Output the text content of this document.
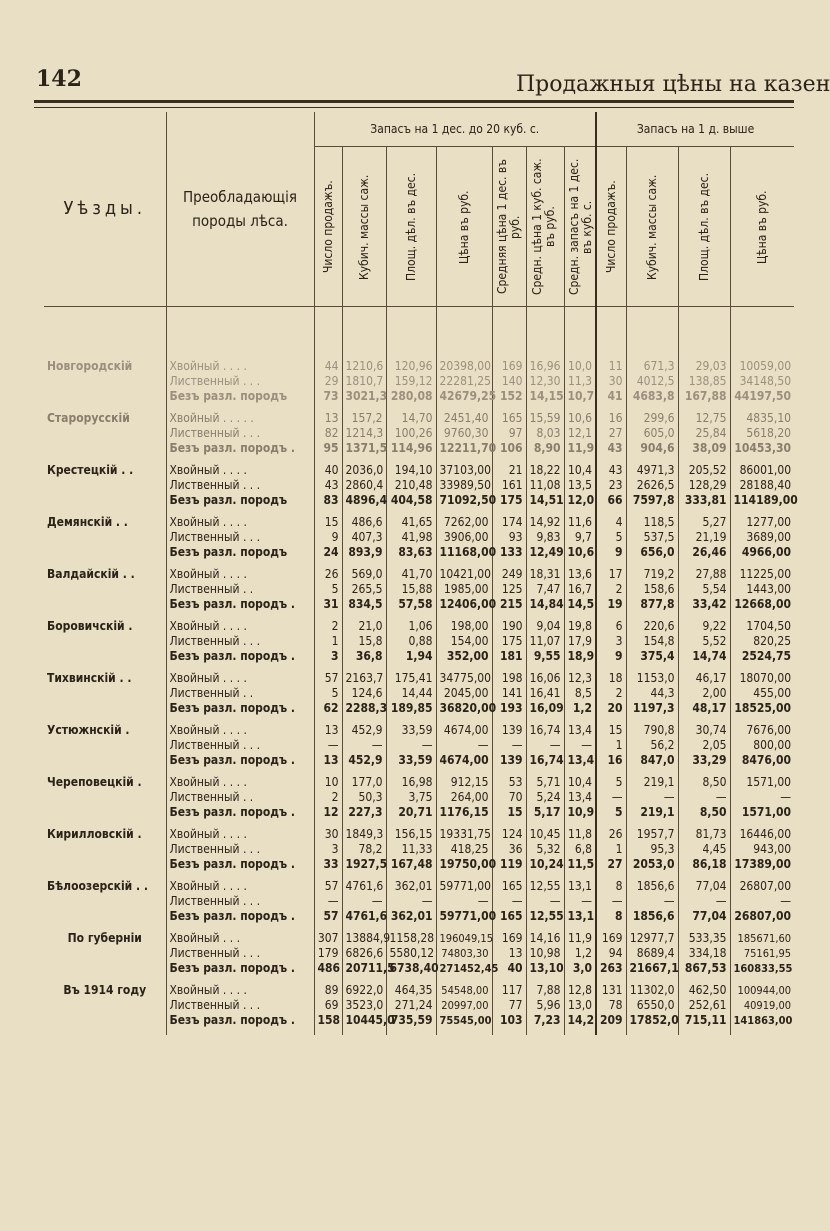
142	Продажныя цѣны на казен
Уѣзды.	Преобладающія породы лѣса.	Запасъ на 1 дес. до 20 куб. с.							Запасъ на 1 д. выше			

		Число продажъ.	Кубич. массы саж.	Площ. дѣл. въ дес.	Цѣна въ руб.	Средняя цѣна 1 дес. въ руб.	Средн. цѣна 1 куб. саж. въ руб.	Средн. запасъ на 1 дес. въ куб. с.	Число продажъ.	Кубич. массы саж.	Площ. дѣл. въ дес.	Цѣна въ руб.

Новгородскій	Хвойный . . . .	44	1210,6	120,96	20398,00	169	16,96	10,0	11	671,3	29,03	10059,00
	Лиственный . . .	29	1810,7	159,12	22281,25	140	12,30	11,3	30	4012,5	138,85	34148,50
	Безъ разл. породъ	73	3021,3	280,08	42679,25	152	14,15	10,7	41	4683,8	167,88	44197,50

Старорусскій	Хвойный . . . . .	13	157,2	14,70	2451,40	165	15,59	10,6	16	299,6	12,75	4835,10
	Лиственный . . .	82	1214,3	100,26	9760,30	97	8,03	12,1	27	605,0	25,84	5618,20
	Безъ разл. породъ .	95	1371,5	114,96	12211,70	106	8,90	11,9	43	904,6	38,09	10453,30

Крестецкій . .	Хвойный . . . .	40	2036,0	194,10	37103,00	21	18,22	10,4	43	4971,3	205,52	86001,00
	Лиственный . . .	43	2860,4	210,48	33989,50	161	11,08	13,5	23	2626,5	128,29	28188,40
	Безъ разл. породъ	83	4896,4	404,58	71092,50	175	14,51	12,0	66	7597,8	333,81	114189,00

Демянскій . .	Хвойный . . . .	15	486,6	41,65	7262,00	174	14,92	11,6	4	118,5	5,27	1277,00
	Лиственный . . .	9	407,3	41,98	3906,00	93	9,83	9,7	5	537,5	21,19	3689,00
	Безъ разл. породъ	24	893,9	83,63	11168,00	133	12,49	10,6	9	656,0	26,46	4966,00

Валдайскій . .	Хвойный . . . .	26	569,0	41,70	10421,00	249	18,31	13,6	17	719,2	27,88	11225,00
	Лиственный . .	5	265,5	15,88	1985,00	125	7,47	16,7	2	158,6	5,54	1443,00
	Безъ разл. породъ .	31	834,5	57,58	12406,00	215	14,84	14,5	19	877,8	33,42	12668,00

Боровичскій .	Хвойный . . . .	2	21,0	1,06	198,00	190	9,04	19,8	6	220,6	9,22	1704,50
	Лиственный . . .	1	15,8	0,88	154,00	175	11,07	17,9	3	154,8	5,52	820,25
	Безъ разл. породъ .	3	36,8	1,94	352,00	181	9,55	18,9	9	375,4	14,74	2524,75

Тихвинскій . .	Хвойный . . . .	57	2163,7	175,41	34775,00	198	16,06	12,3	18	1153,0	46,17	18070,00
	Лиственный . .	5	124,6	14,44	2045,00	141	16,41	8,5	2	44,3	2,00	455,00
	Безъ разл. породъ .	62	2288,3	189,85	36820,00	193	16,09	1,2	20	1197,3	48,17	18525,00

Устюжнскій .	Хвойный . . . .	13	452,9	33,59	4674,00	139	16,74	13,4	15	790,8	30,74	7676,00
	Лиственный . . .	—	—	—	—	—	—	—	1	56,2	2,05	800,00
	Безъ разл. породъ .	13	452,9	33,59	4674,00	139	16,74	13,4	16	847,0	33,29	8476,00

Череповецкій .	Хвойный . . . .	10	177,0	16,98	912,15	53	5,71	10,4	5	219,1	8,50	1571,00
	Лиственный . .	2	50,3	3,75	264,00	70	5,24	13,4	—	—	—	—
	Безъ разл. породъ .	12	227,3	20,71	1176,15	15	5,17	10,9	5	219,1	8,50	1571,00

Кирилловскій .	Хвойный . . . .	30	1849,3	156,15	19331,75	124	10,45	11,8	26	1957,7	81,73	16446,00
	Лиственный . . .	3	78,2	11,33	418,25	36	5,32	6,8	1	95,3	4,45	943,00
	Безъ разл. породъ .	33	1927,5	167,48	19750,00	119	10,24	11,5	27	2053,0	86,18	17389,00

Бѣлоозерскій . .	Хвойный . . . .	57	4761,6	362,01	59771,00	165	12,55	13,1	8	1856,6	77,04	26807,00
	Лиственный . . .	—	—	—	—	—	—	—	—	—	—	—
	Безъ разл. породъ .	57	4761,6	362,01	59771,00	165	12,55	13,1	8	1856,6	77,04	26807,00

По губерніи	Хвойный . . .	307	13884,9	1158,28	196049,15	169	14,16	11,9	169	12977,7	533,35	185671,60
	Лиственный . . .	179	6826,6	5580,12	74803,30	13	10,98	1,2	94	8689,4	334,18	75161,95
	Безъ разл. породъ .	486	20711,5	6738,40	271452,45	40	13,10	3,0	263	21667,1	867,53	160833,55

Въ 1914 году	Хвойный . . . .	89	6922,0	464,35	54548,00	117	7,88	12,8	131	11302,0	462,50	100944,00
	Лиственный . . .	69	3523,0	271,24	20997,00	77	5,96	13,0	78	6550,0	252,61	40919,00
	Безъ разл. породъ .	158	10445,0	735,59	75545,00	103	7,23	14,2	209	17852,0	715,11	141863,00
